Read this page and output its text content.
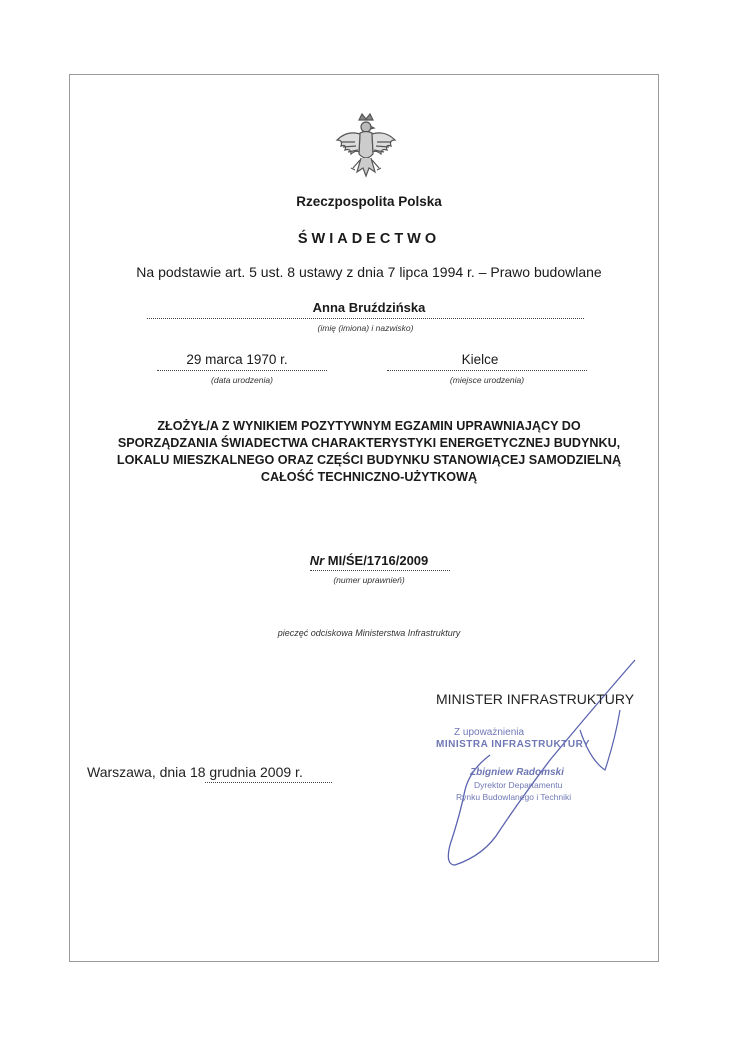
Rzeczpospolita Polska
ŚWIADECTWO
Na podstawie art. 5 ust. 8 ustawy z dnia 7 lipca 1994 r. – Prawo budowlane
Anna Bruździńska
(imię (imiona) i nazwisko)
29 marca 1970 r.
(data urodzenia)
Kielce
(miejsce urodzenia)
ZŁOŻYŁ/A Z WYNIKIEM POZYTYWNYM EGZAMIN UPRAWNIAJĄCY DO
SPORZĄDZANIA ŚWIADECTWA CHARAKTERYSTYKI ENERGETYCZNEJ BUDYNKU,
LOKALU MIESZKALNEGO ORAZ CZĘŚCI BUDYNKU STANOWIĄCEJ SAMODZIELNĄ
CAŁOŚĆ TECHNICZNO-UŻYTKOWĄ
Nr MI/ŚE/1716/2009
(numer uprawnień)
pieczęć odciskowa Ministerstwa Infrastruktury
MINISTER INFRASTRUKTURY
Z upoważnienia
MINISTRA INFRASTRUKTURY
Zbigniew Radomski
Dyrektor Departamentu
Rynku Budowlanego i Techniki
Warszawa, dnia 18 grudnia 2009 r.
